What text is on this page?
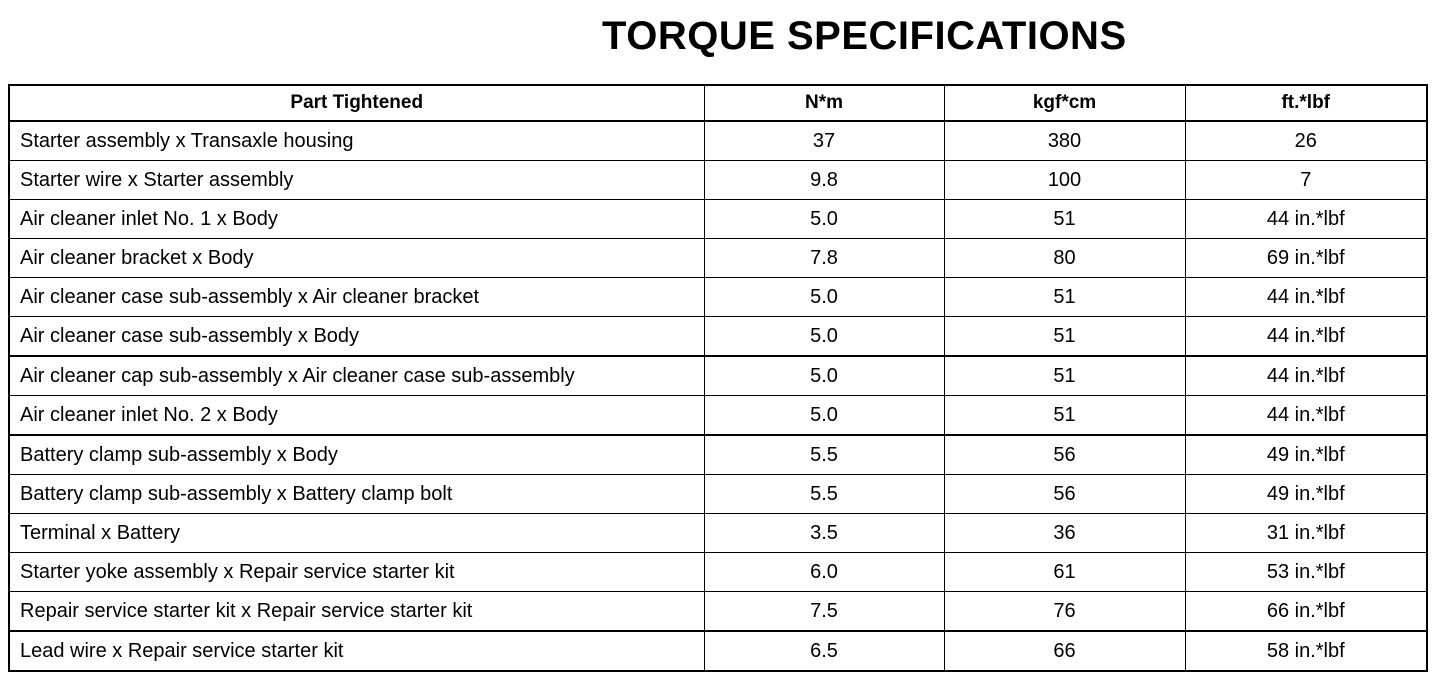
TORQUE SPECIFICATIONS
Part Tightened	N*m	kgf*cm	ft.*lbf
Starter assembly x Transaxle housing	37	380	26
Starter wire x Starter assembly	9.8	100	7
Air cleaner inlet No. 1 x Body	5.0	51	44 in.*lbf
Air cleaner bracket x Body	7.8	80	69 in.*lbf
Air cleaner case sub-assembly x Air cleaner bracket	5.0	51	44 in.*lbf
Air cleaner case sub-assembly x Body	5.0	51	44 in.*lbf
Air cleaner cap sub-assembly x Air cleaner case sub-assembly	5.0	51	44 in.*lbf
Air cleaner inlet No. 2 x Body	5.0	51	44 in.*lbf
Battery clamp sub-assembly x Body	5.5	56	49 in.*lbf
Battery clamp sub-assembly x Battery clamp bolt	5.5	56	49 in.*lbf
Terminal x Battery	3.5	36	31 in.*lbf
Starter yoke assembly x Repair service starter kit	6.0	61	53 in.*lbf
Repair service starter kit x Repair service starter kit	7.5	76	66 in.*lbf
Lead wire x Repair service starter kit	6.5	66	58 in.*lbf
